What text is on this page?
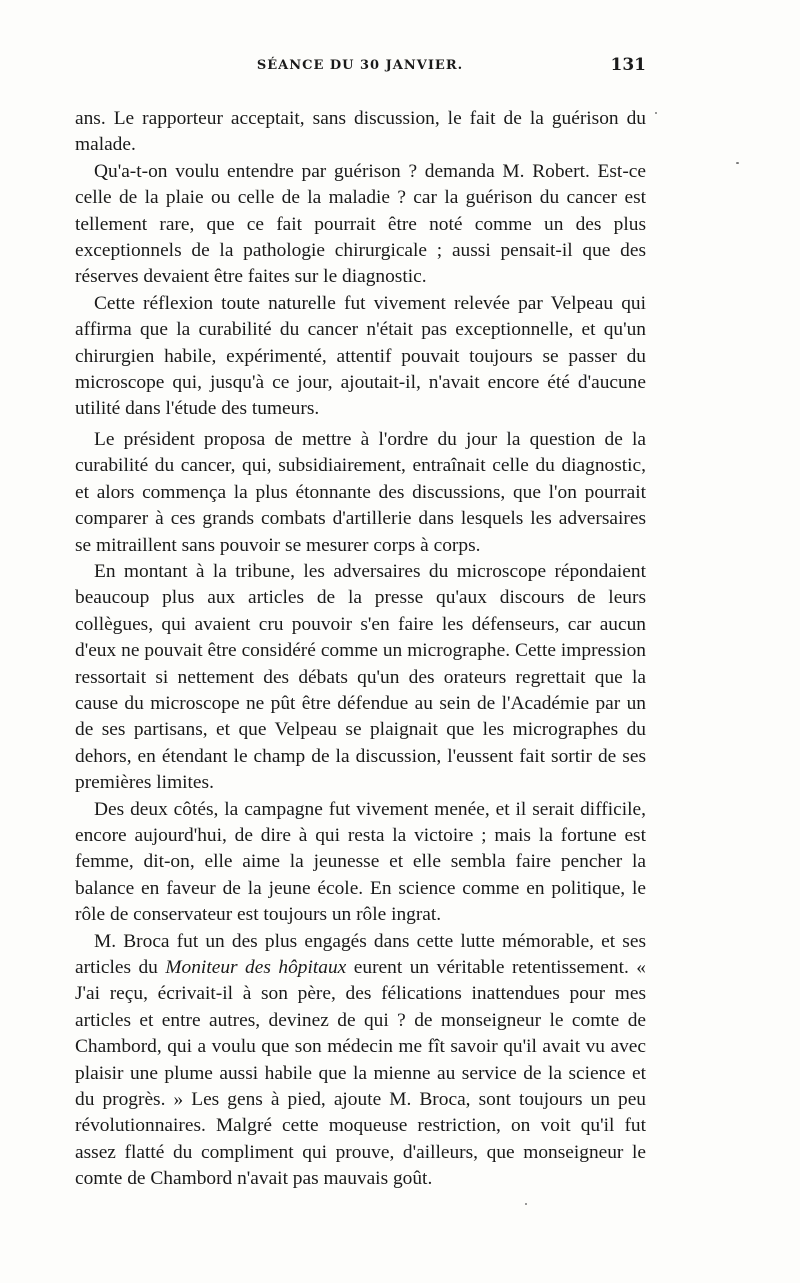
SÉANCE DU 30 JANVIER.	131

ans. Le rapporteur acceptait, sans discussion, le fait de la guérison du malade.

Qu'a-t-on voulu entendre par guérison ? demanda M. Robert. Est-ce celle de la plaie ou celle de la maladie ? car la guérison du cancer est tellement rare, que ce fait pourrait être noté comme un des plus exceptionnels de la pathologie chirurgicale ; aussi pensait-il que des réserves devaient être faites sur le diagnostic.

Cette réflexion toute naturelle fut vivement relevée par Velpeau qui affirma que la curabilité du cancer n'était pas exceptionnelle, et qu'un chirurgien habile, expérimenté, attentif pouvait toujours se passer du microscope qui, jusqu'à ce jour, ajoutait-il, n'avait encore été d'aucune utilité dans l'étude des tumeurs.

Le président proposa de mettre à l'ordre du jour la question de la curabilité du cancer, qui, subsidiairement, entraînait celle du diagnostic, et alors commença la plus étonnante des discussions, que l'on pourrait comparer à ces grands combats d'artillerie dans lesquels les adversaires se mitraillent sans pouvoir se mesurer corps à corps.

En montant à la tribune, les adversaires du microscope répondaient beaucoup plus aux articles de la presse qu'aux discours de leurs collègues, qui avaient cru pouvoir s'en faire les défenseurs, car aucun d'eux ne pouvait être considéré comme un micrographe. Cette impression ressortait si nettement des débats qu'un des orateurs regrettait que la cause du microscope ne pût être défendue au sein de l'Académie par un de ses partisans, et que Velpeau se plaignait que les micrographes du dehors, en étendant le champ de la discussion, l'eussent fait sortir de ses premières limites.

Des deux côtés, la campagne fut vivement menée, et il serait difficile, encore aujourd'hui, de dire à qui resta la victoire ; mais la fortune est femme, dit-on, elle aime la jeunesse et elle sembla faire pencher la balance en faveur de la jeune école. En science comme en politique, le rôle de conservateur est toujours un rôle ingrat.

M. Broca fut un des plus engagés dans cette lutte mémorable, et ses articles du Moniteur des hôpitaux eurent un véritable retentissement. « J'ai reçu, écrivait-il à son père, des félications inattendues pour mes articles et entre autres, devinez de qui ? de monseigneur le comte de Chambord, qui a voulu que son médecin me fît savoir qu'il avait vu avec plaisir une plume aussi habile que la mienne au service de la science et du progrès. » Les gens à pied, ajoute M. Broca, sont toujours un peu révolutionnaires. Malgré cette moqueuse restriction, on voit qu'il fut assez flatté du compliment qui prouve, d'ailleurs, que monseigneur le comte de Chambord n'avait pas mauvais goût.
